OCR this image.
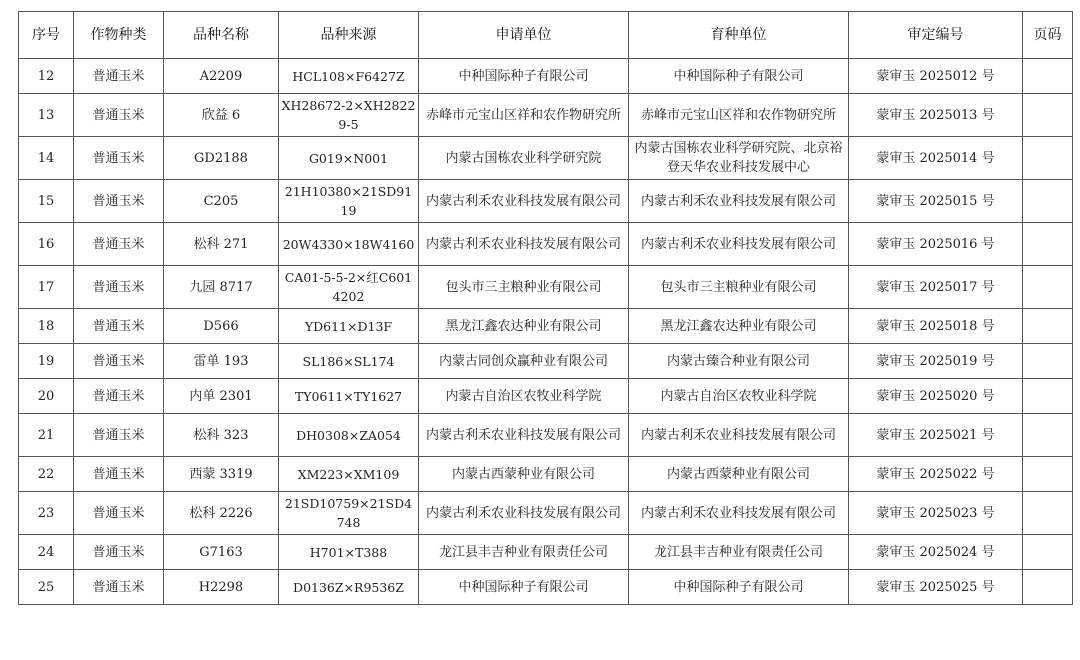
序号	作物种类	品种名称	品种来源	申请单位	育种单位	审定编号	页码
12	普通玉米	A2209	HCL108×F6427Z	中种国际种子有限公司	中种国际种子有限公司	蒙审玉 2025012 号	
13	普通玉米	欣益 6	XH28672-2×XH28229-5	赤峰市元宝山区祥和农作物研究所	赤峰市元宝山区祥和农作物研究所	蒙审玉 2025013 号	
14	普通玉米	GD2188	G019×N001	内蒙古国栋农业科学研究院	内蒙古国栋农业科学研究院、北京裕登天华农业科技发展中心	蒙审玉 2025014 号	
15	普通玉米	C205	21H10380×21SD9119	内蒙古利禾农业科技发展有限公司	内蒙古利禾农业科技发展有限公司	蒙审玉 2025015 号	
16	普通玉米	松科 271	20W4330×18W4160	内蒙古利禾农业科技发展有限公司	内蒙古利禾农业科技发展有限公司	蒙审玉 2025016 号	
17	普通玉米	九园 8717	CA01-5-5-2×红C6014202	包头市三主粮种业有限公司	包头市三主粮种业有限公司	蒙审玉 2025017 号	
18	普通玉米	D566	YD611×D13F	黑龙江鑫农达种业有限公司	黑龙江鑫农达种业有限公司	蒙审玉 2025018 号	
19	普通玉米	雷单 193	SL186×SL174	内蒙古同创众赢种业有限公司	内蒙古臻合种业有限公司	蒙审玉 2025019 号	
20	普通玉米	内单 2301	TY0611×TY1627	内蒙古自治区农牧业科学院	内蒙古自治区农牧业科学院	蒙审玉 2025020 号	
21	普通玉米	松科 323	DH0308×ZA054	内蒙古利禾农业科技发展有限公司	内蒙古利禾农业科技发展有限公司	蒙审玉 2025021 号	
22	普通玉米	西蒙 3319	XM223×XM109	内蒙古西蒙种业有限公司	内蒙古西蒙种业有限公司	蒙审玉 2025022 号	
23	普通玉米	松科 2226	21SD10759×21SD4748	内蒙古利禾农业科技发展有限公司	内蒙古利禾农业科技发展有限公司	蒙审玉 2025023 号	
24	普通玉米	G7163	H701×T388	龙江县丰吉种业有限责任公司	龙江县丰吉种业有限责任公司	蒙审玉 2025024 号	
25	普通玉米	H2298	D0136Z×R9536Z	中种国际种子有限公司	中种国际种子有限公司	蒙审玉 2025025 号	
